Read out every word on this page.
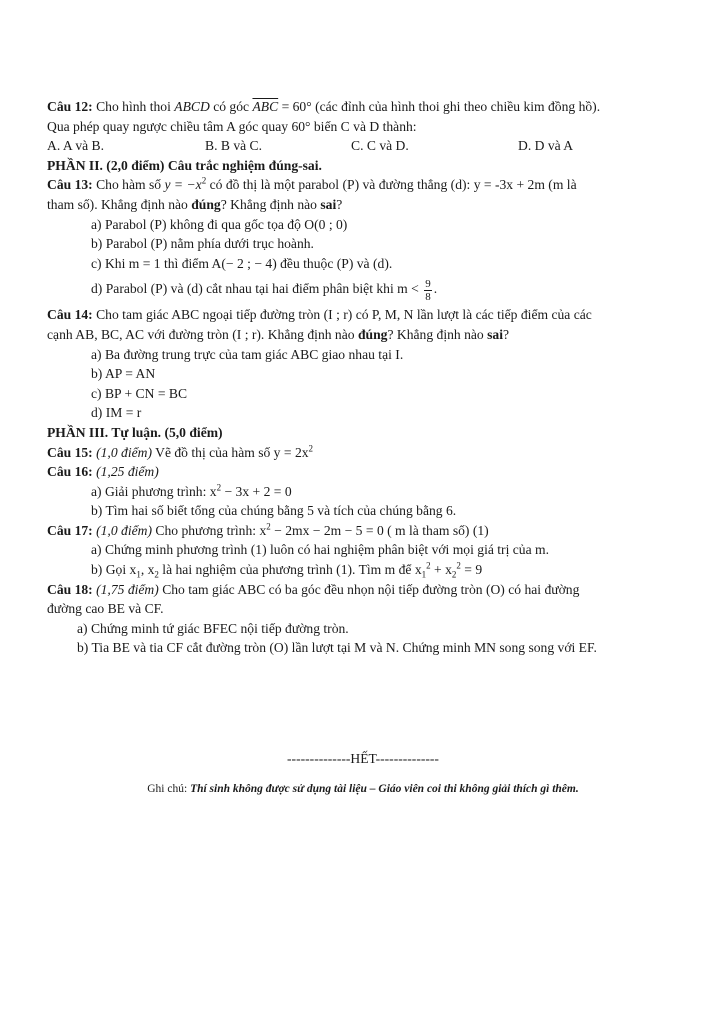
Câu 12: Cho hình thoi ABCD có góc $\overline{ABC} = 60^\circ$ (các đỉnh của hình thoi ghi theo chiều kim đồng hồ).
Qua phép quay ngược chiều tâm A góc quay 60° biến C và D thành:
A. A và B.	B. B và C.	C. C và D.	D. D và A
PHẦN II. (2,0 điểm) Câu trắc nghiệm đúng-sai.
Câu 13: Cho hàm số $y = -x^2$ có đồ thị là một parabol (P) và đường thẳng (d): y = -3x + 2m (m là
tham số). Khẳng định nào đúng? Khẳng định nào sai?
a) Parabol (P) không đi qua gốc tọa độ O(0 ; 0)
b) Parabol (P) nằm phía dưới trục hoành.
c) Khi m = 1 thì điểm A(− 2 ; − 4) đều thuộc (P) và (d).
d) Parabol (P) và (d) cắt nhau tại hai điểm phân biệt khi $m < \frac{9}{8}$ .
Câu 14: Cho tam giác ABC ngoại tiếp đường tròn (I ; r) có P, M, N lần lượt là các tiếp điểm của các
cạnh AB, BC, AC với đường tròn (I ; r). Khẳng định nào đúng? Khẳng định nào sai?
a) Ba đường trung trực của tam giác ABC giao nhau tại I.
b) AP = AN
c) BP + CN = BC
d) IM = r
PHẦN III. Tự luận. (5,0 điểm)
Câu 15: (1,0 điểm) Vẽ đồ thị của hàm số $y = 2x^2$
Câu 16: (1,25 điểm)
a) Giải phương trình: $x^2 - 3x + 2 = 0$
b) Tìm hai số biết tổng của chúng bằng 5 và tích của chúng bằng 6.
Câu 17: (1,0 điểm) Cho phương trình: $x^2 - 2mx - 2m - 5 = 0$ ( m là tham số) (1)
a) Chứng minh phương trình (1) luôn có hai nghiệm phân biệt với mọi giá trị của m.
b) Gọi $x_1$, $x_2$ là hai nghiệm của phương trình (1). Tìm m để $x_1^2 + x_2^2 = 9$
Câu 18: (1,75 điểm) Cho tam giác ABC có ba góc đều nhọn nội tiếp đường tròn (O) có hai đường
đường cao BE và CF.
a) Chứng minh tứ giác BFEC nội tiếp đường tròn.
b) Tia BE và tia CF cắt đường tròn (O) lần lượt tại M và N. Chứng minh MN song song với EF.
--------------HẾT--------------
Ghi chú: Thí sinh không được sử dụng tài liệu – Giáo viên coi thi không giải thích gì thêm.
